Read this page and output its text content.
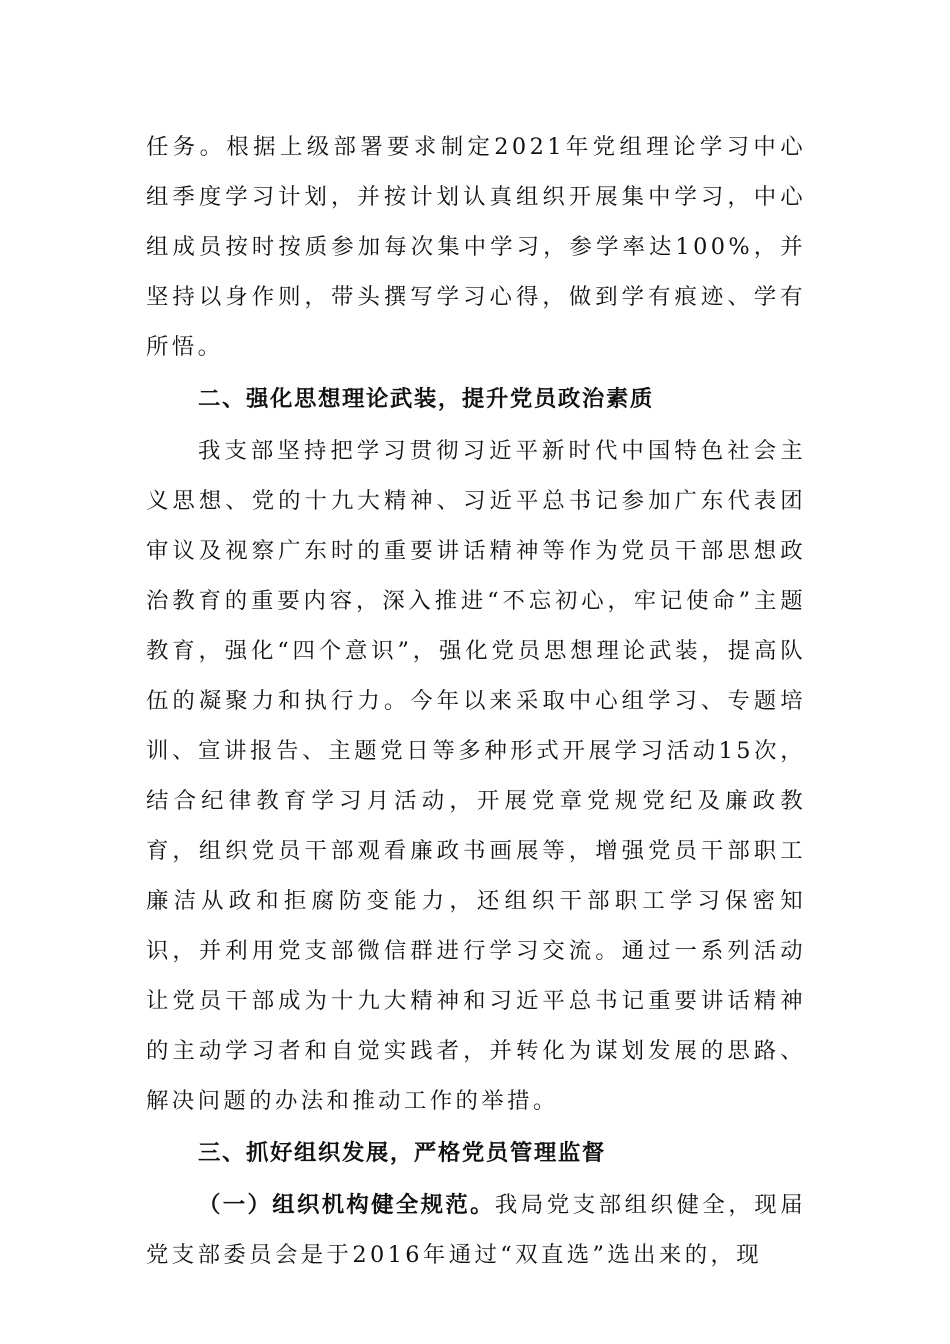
任务。根据上级部署要求制定2021年党组理论学习中心组季度学习计划，并按计划认真组织开展集中学习，中心组成员按时按质参加每次集中学习，参学率达100%，并坚持以身作则，带头撰写学习心得，做到学有痕迹、学有所悟。

二、强化思想理论武装，提升党员政治素质

我支部坚持把学习贯彻习近平新时代中国特色社会主义思想、党的十九大精神、习近平总书记参加广东代表团审议及视察广东时的重要讲话精神等作为党员干部思想政治教育的重要内容，深入推进“不忘初心，牢记使命”主题教育，强化“四个意识”，强化党员思想理论武装，提高队伍的凝聚力和执行力。今年以来采取中心组学习、专题培训、宣讲报告、主题党日等多种形式开展学习活动15次，结合纪律教育学习月活动，开展党章党规党纪及廉政教育，组织党员干部观看廉政书画展等，增强党员干部职工廉洁从政和拒腐防变能力，还组织干部职工学习保密知识，并利用党支部微信群进行学习交流。通过一系列活动让党员干部成为十九大精神和习近平总书记重要讲话精神的主动学习者和自觉实践者，并转化为谋划发展的思路、解决问题的办法和推动工作的举措。

三、抓好组织发展，严格党员管理监督

（一）组织机构健全规范。我局党支部组织健全，现届党支部委员会是于2016年通过“双直选”选出来的，现
